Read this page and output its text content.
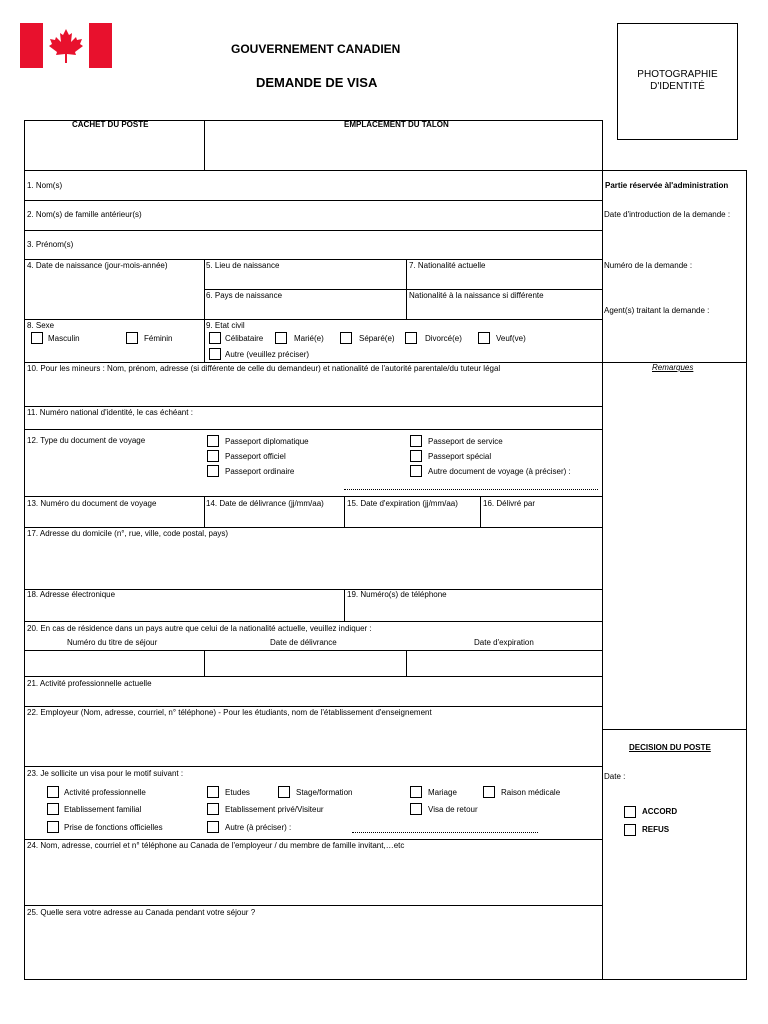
GOUVERNEMENT CANADIEN
DEMANDE DE VISA
PHOTOGRAPHIE
D'IDENTITÉ
CACHET DU POSTE	EMPLACEMENT DU TALON
1. Nom(s)
2. Nom(s) de famille antérieur(s)
3. Prénom(s)
4. Date de naissance (jour-mois-année)	5. Lieu de naissance	7. Nationalité actuelle
6. Pays de naissance	Nationalité à la naissance si différente
8. Sexe
Masculin	Féminin
9. Etat civil
Célibataire	Marié(e)	Séparé(e)	Divorcé(e)	Veuf(ve)
Autre (veuillez préciser)
10. Pour les mineurs : Nom, prénom, adresse (si différente de celle du demandeur) et nationalité de l'autorité parentale/du tuteur légal
11. Numéro national d'identité, le cas échéant :
12. Type du document de voyage	Passeport diplomatique
Passeport officiel
Passeport ordinaire
Passeport de service
Passeport spécial
Autre document de voyage (à préciser) :
13. Numéro du document de voyage	14. Date de délivrance (jj/mm/aa)	15. Date d'expiration (jj/mm/aa)	16. Délivré par
17. Adresse du domicile (n°, rue, ville, code postal, pays)
18. Adresse électronique	19. Numéro(s) de téléphone
20. En cas de résidence dans un pays autre que celui de la nationalité actuelle, veuillez indiquer :
Numéro du titre de séjour	Date de délivrance	Date d'expiration
21. Activité professionnelle actuelle
22. Employeur (Nom, adresse, courriel, n° téléphone) - Pour les étudiants, nom de l'établissement d'enseignement
23. Je sollicite un visa pour le motif suivant :
Activité professionnelle	Etudes	Stage/formation	Mariage	Raison médicale
Etablissement familial	Etablissement privé/Visiteur	Visa de retour
Prise de fonctions officielles	Autre (à préciser) :
24. Nom, adresse, courriel et n° téléphone au Canada de l'employeur / du membre de famille invitant,…etc
25. Quelle sera votre adresse au Canada pendant votre séjour ?
Partie réservée àl'administration
Date d'introduction de la demande :
Numéro de la demande :
Agent(s) traitant la demande :
Remarques
DECISION DU POSTE
Date :
ACCORD
REFUS
